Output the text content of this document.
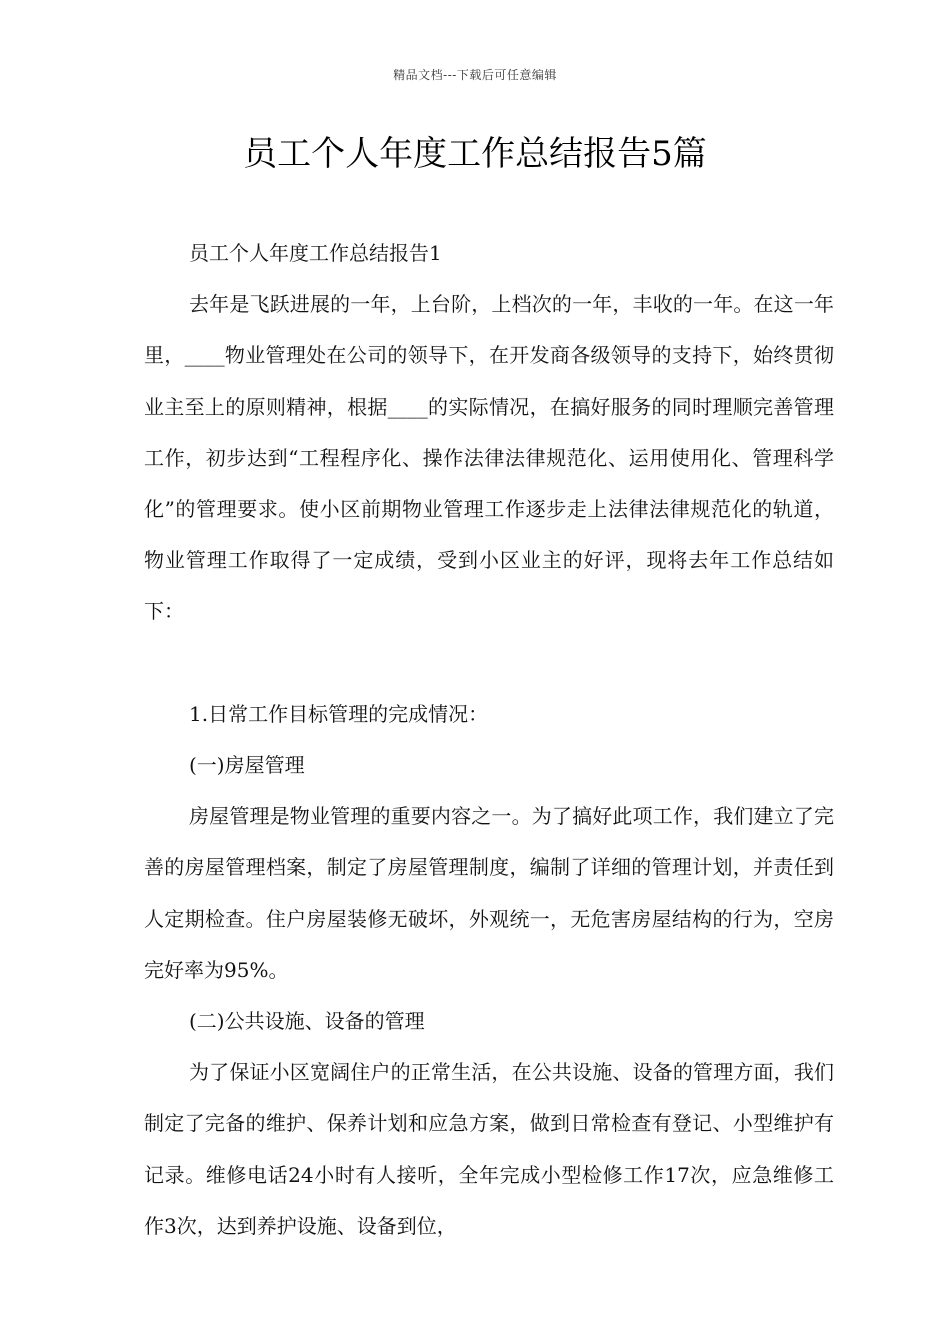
精品文档---下载后可任意编辑
员工个人年度工作总结报告5篇

员工个人年度工作总结报告1

去年是飞跃进展的一年，上台阶，上档次的一年，丰收的一年。在这一年里，____物业管理处在公司的领导下，在开发商各级领导的支持下，始终贯彻业主至上的原则精神，根据____的实际情况，在搞好服务的同时理顺完善管理工作，初步达到“工程程序化、操作法律法律规范化、运用使用化、管理科学化”的管理要求。使小区前期物业管理工作逐步走上法律法律规范化的轨道，物业管理工作取得了一定成绩，受到小区业主的好评，现将去年工作总结如下：

1.日常工作目标管理的完成情况：

(一)房屋管理

房屋管理是物业管理的重要内容之一。为了搞好此项工作，我们建立了完善的房屋管理档案，制定了房屋管理制度，编制了详细的管理计划，并责任到人定期检查。住户房屋装修无破坏，外观统一，无危害房屋结构的行为，空房完好率为95%。

(二)公共设施、设备的管理

为了保证小区宽阔住户的正常生活，在公共设施、设备的管理方面，我们制定了完备的维护、保养计划和应急方案，做到日常检查有登记、小型维护有记录。维修电话24小时有人接听，全年完成小型检修工作17次，应急维修工作3次，达到养护设施、设备到位，
